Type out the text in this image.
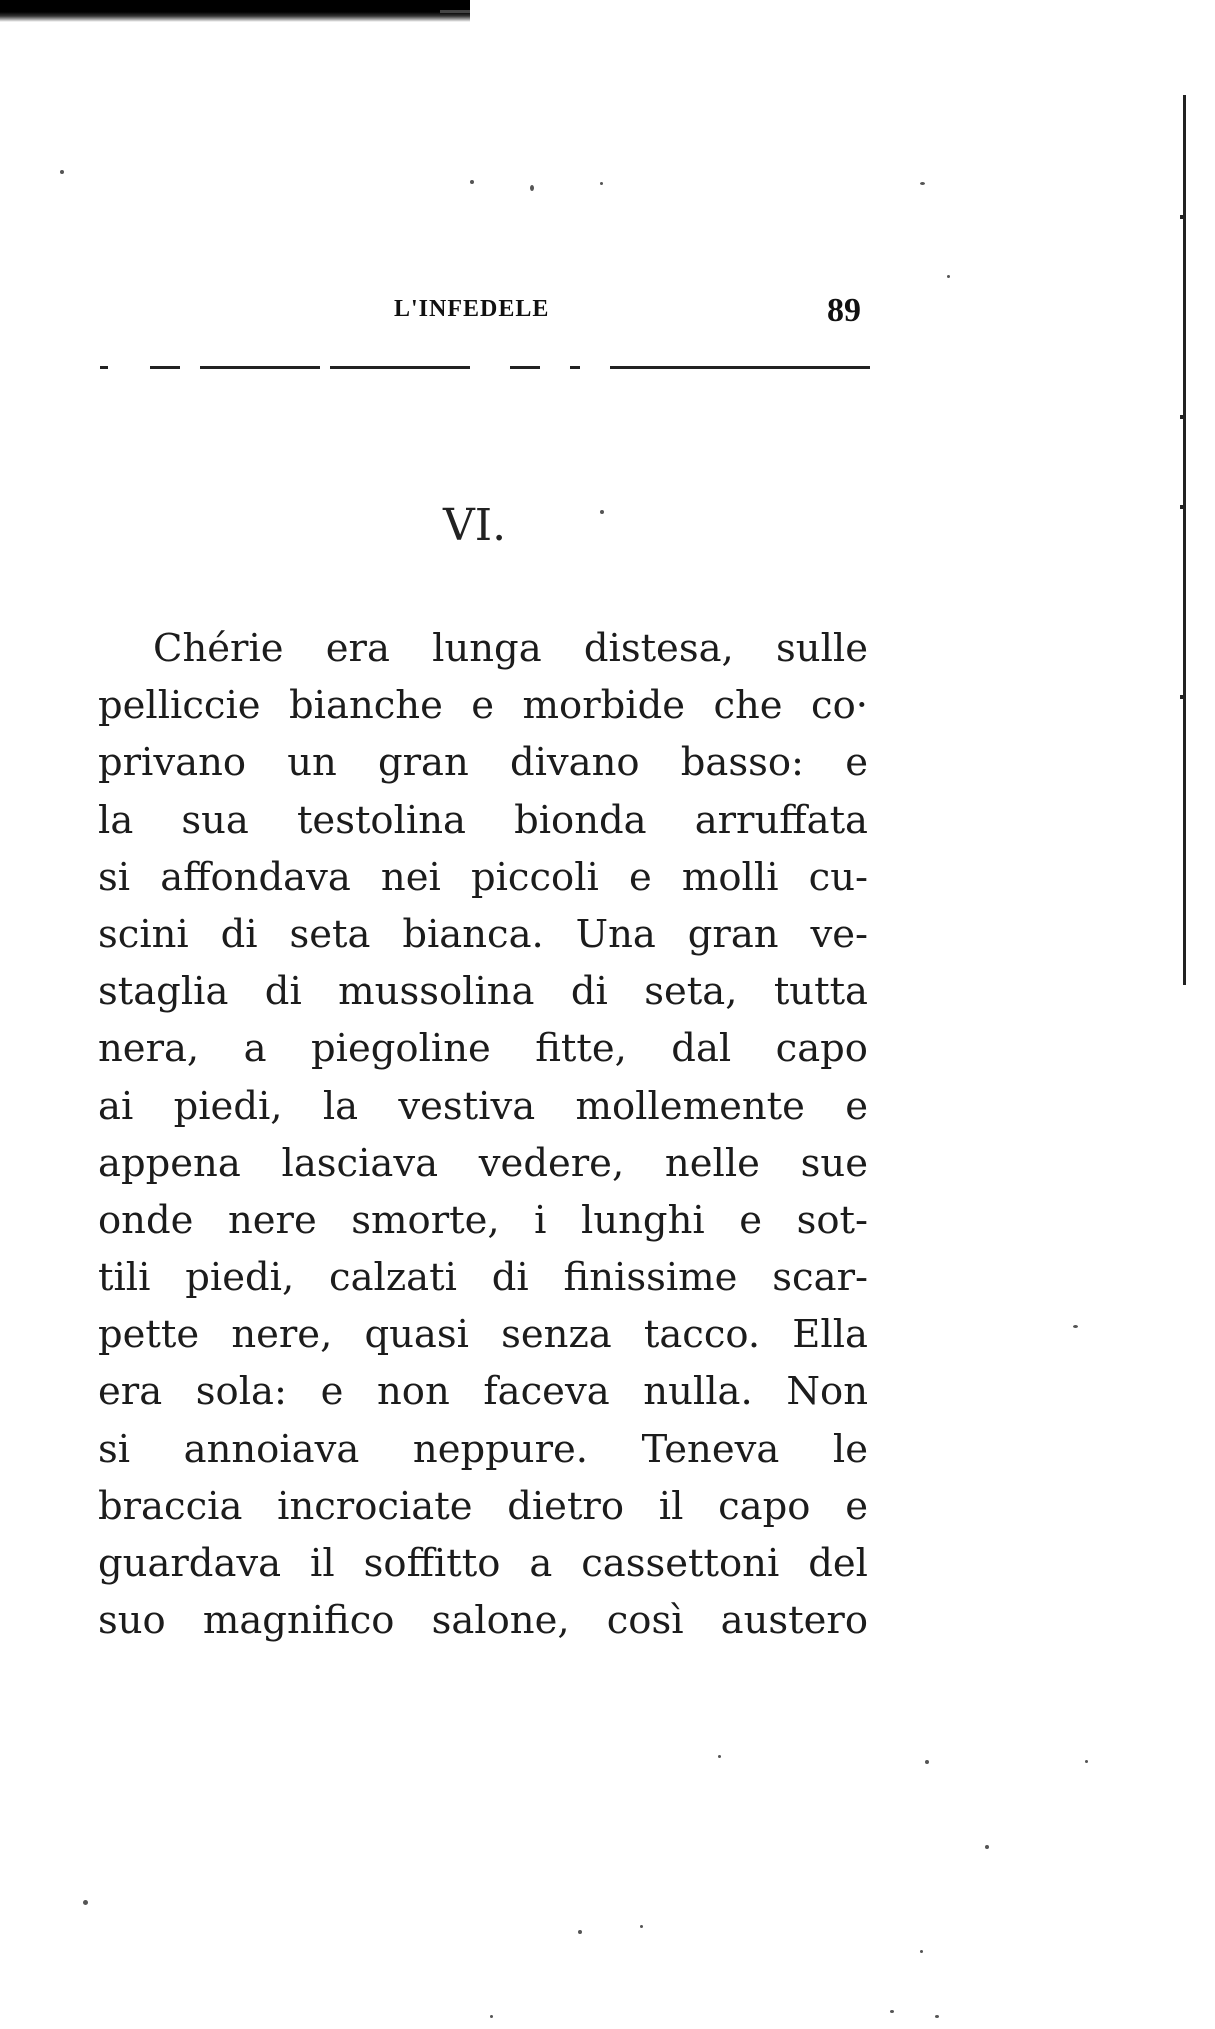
L'INFEDELE	89
VI.
Chérie era lunga distesa, sulle
pelliccie bianche e morbide che co·
privano un gran divano basso: e
la sua testolina bionda arruffata
si affondava nei piccoli e molli cu-
scini di seta bianca. Una gran ve-
staglia di mussolina di seta, tutta
nera, a piegoline fitte, dal capo
ai piedi, la vestiva mollemente e
appena lasciava vedere, nelle sue
onde nere smorte, i lunghi e sot-
tili piedi, calzati di finissime scar-
pette nere, quasi senza tacco. Ella
era sola: e non faceva nulla. Non
si annoiava neppure. Teneva le
braccia incrociate dietro il capo e
guardava il soffitto a cassettoni del
suo magnifico salone, così austero
